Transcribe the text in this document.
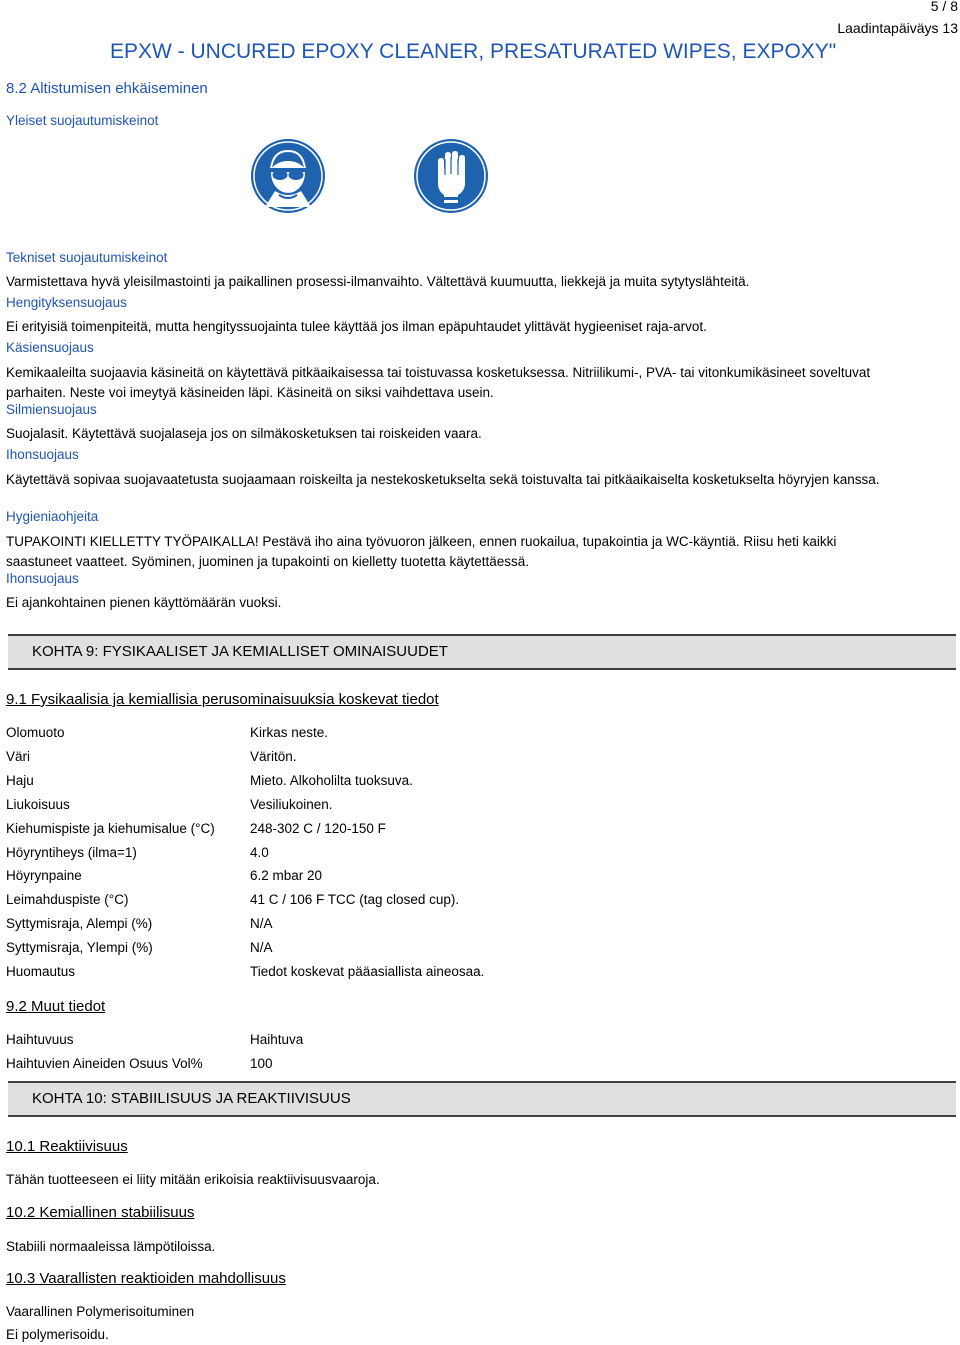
5 / 8
Laadintapäiväys 13
EPXW - UNCURED EPOXY CLEANER, PRESATURATED WIPES, EXPOXY"
8.2 Altistumisen ehkäiseminen
Yleiset suojautumiskeinot
Tekniset suojautumiskeinot
Varmistettava hyvä yleisilmastointi ja paikallinen prosessi-ilmanvaihto. Vältettävä kuumuutta, liekkejä ja muita sytytyslähteitä.
Hengityksensuojaus
Ei erityisiä toimenpiteitä, mutta hengityssuojainta tulee käyttää jos ilman epäpuhtaudet ylittävät hygieeniset raja-arvot.
Käsiensuojaus
Kemikaaleilta suojaavia käsineitä on käytettävä pitkäaikaisessa tai toistuvassa kosketuksessa. Nitriilikumi-, PVA- tai vitonkumikäsineet soveltuvat parhaiten. Neste voi imeytyä käsineiden läpi. Käsineitä on siksi vaihdettava usein.
Silmiensuojaus
Suojalasit. Käytettävä suojalaseja jos on silmäkosketuksen tai roiskeiden vaara.
Ihonsuojaus
Käytettävä sopivaa suojavaatetusta suojaamaan roiskeilta ja nestekosketukselta sekä toistuvalta tai pitkäaikaiselta kosketukselta höyryjen kanssa.
Hygieniaohjeita
TUPAKOINTI KIELLETTY TYÖPAIKALLA! Pestävä iho aina työvuoron jälkeen, ennen ruokailua, tupakointia ja WC-käyntiä. Riisu heti kaikki saastuneet vaatteet. Syöminen, juominen ja tupakointi on kielletty tuotetta käytettäessä.
Ihonsuojaus
Ei ajankohtainen pienen käyttömäärän vuoksi.
KOHTA 9: FYSIKAALISET JA KEMIALLISET OMINAISUUDET
9.1 Fysikaalisia ja kemiallisia perusominaisuuksia koskevat tiedot
Olomuoto	Kirkas neste.
Väri	Väritön.
Haju	Mieto. Alkoholilta tuoksuva.
Liukoisuus	Vesiliukoinen.
Kiehumispiste ja kiehumisalue (°C)	248-302 C / 120-150 F
Höyryntiheys (ilma=1)	4.0
Höyrynpaine	6.2 mbar 20
Leimahduspiste (°C)	41 C / 106 F TCC (tag closed cup).
Syttymisraja, Alempi (%)	N/A
Syttymisraja, Ylempi (%)	N/A
Huomautus	Tiedot koskevat pääasiallista aineosaa.
9.2 Muut tiedot
Haihtuvuus	Haihtuva
Haihtuvien Aineiden Osuus Vol%	100
KOHTA 10: STABIILISUUS JA REAKTIIVISUUS
10.1 Reaktiivisuus
Tähän tuotteeseen ei liity mitään erikoisia reaktiivisuusvaaroja.
10.2 Kemiallinen stabiilisuus
Stabiili normaaleissa lämpötiloissa.
10.3 Vaarallisten reaktioiden mahdollisuus
Vaarallinen Polymerisoituminen
Ei polymerisoidu.
